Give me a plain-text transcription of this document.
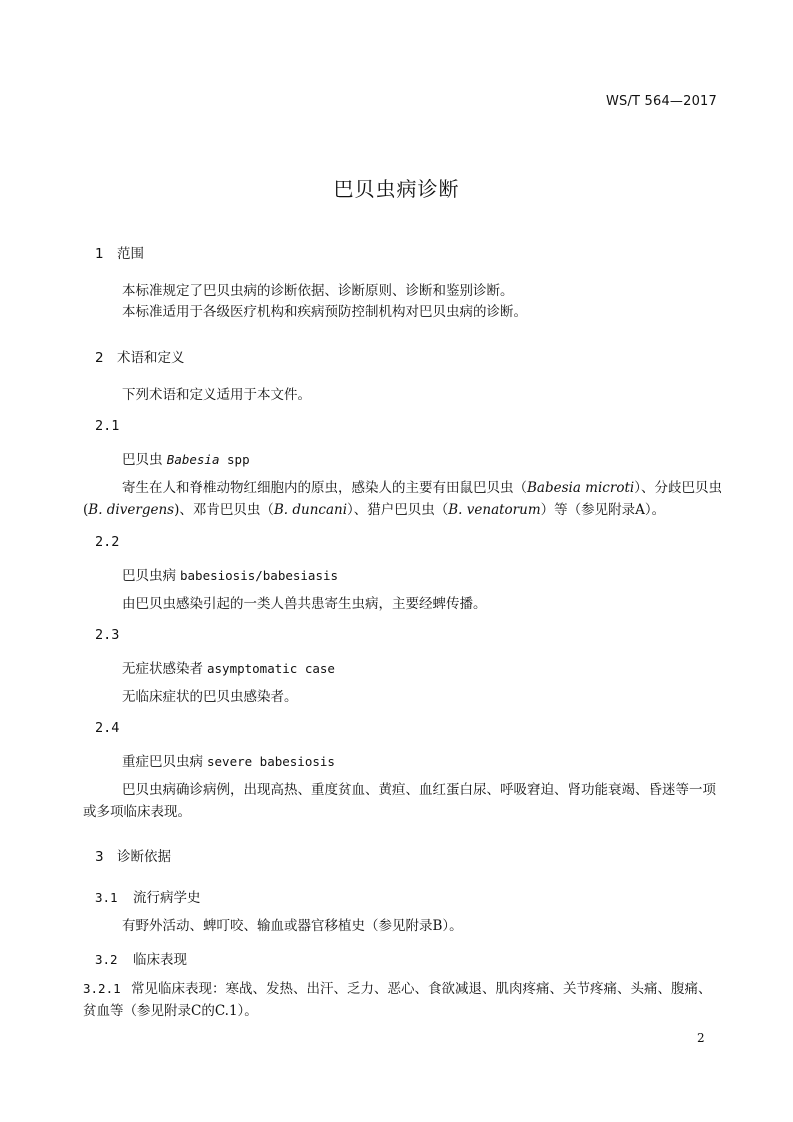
WS/T 564—2017
巴贝虫病诊断
1 范围
本标准规定了巴贝虫病的诊断依据、诊断原则、诊断和鉴别诊断。
本标准适用于各级医疗机构和疾病预防控制机构对巴贝虫病的诊断。
2 术语和定义
下列术语和定义适用于本文件。
2.1
巴贝虫 Babesia spp
寄生在人和脊椎动物红细胞内的原虫，感染人的主要有田鼠巴贝虫（Babesia microti）、分歧巴贝虫(B. divergens)、邓肯巴贝虫（B. duncani）、猎户巴贝虫（B. venatorum）等（参见附录A）。
2.2
巴贝虫病 babesiosis/babesiasis
由巴贝虫感染引起的一类人兽共患寄生虫病，主要经蜱传播。
2.3
无症状感染者 asymptomatic case
无临床症状的巴贝虫感染者。
2.4
重症巴贝虫病 severe babesiosis
巴贝虫病确诊病例，出现高热、重度贫血、黄疸、血红蛋白尿、呼吸窘迫、肾功能衰竭、昏迷等一项或多项临床表现。
3 诊断依据
3.1 流行病学史
有野外活动、蜱叮咬、输血或器官移植史（参见附录B）。
3.2 临床表现
3.2.1 常见临床表现：寒战、发热、出汗、乏力、恶心、食欲减退、肌肉疼痛、关节疼痛、头痛、腹痛、贫血等（参见附录C的C.1）。
2
